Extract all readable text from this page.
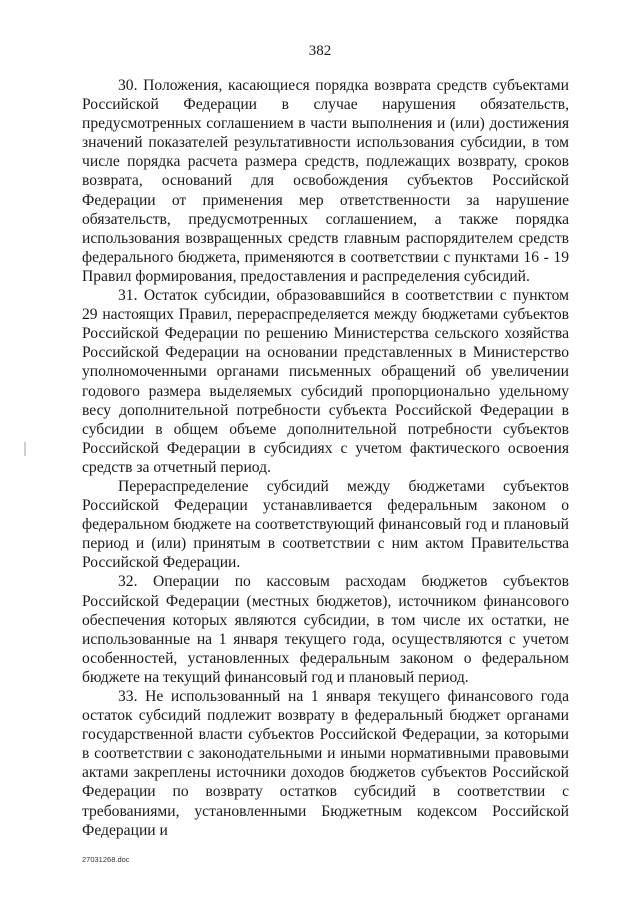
382

30. Положения, касающиеся порядка возврата средств субъектами Российской Федерации в случае нарушения обязательств, предусмотренных соглашением в части выполнения и (или) достижения значений показателей результативности использования субсидии, в том числе порядка расчета размера средств, подлежащих возврату, сроков возврата, оснований для освобождения субъектов Российской Федерации от применения мер ответственности за нарушение обязательств, предусмотренных соглашением, а также порядка использования возвращенных средств главным распорядителем средств федерального бюджета, применяются в соответствии с пунктами 16 - 19 Правил формирования, предоставления и распределения субсидий.

31. Остаток субсидии, образовавшийся в соответствии с пунктом 29 настоящих Правил, перераспределяется между бюджетами субъектов Российской Федерации по решению Министерства сельского хозяйства Российской Федерации на основании представленных в Министерство уполномоченными органами письменных обращений об увеличении годового размера выделяемых субсидий пропорционально удельному весу дополнительной потребности субъекта Российской Федерации в субсидии в общем объеме дополнительной потребности субъектов Российской Федерации в субсидиях с учетом фактического освоения средств за отчетный период.

Перераспределение субсидий между бюджетами субъектов Российской Федерации устанавливается федеральным законом о федеральном бюджете на соответствующий финансовый год и плановый период и (или) принятым в соответствии с ним актом Правительства Российской Федерации.

32. Операции по кассовым расходам бюджетов субъектов Российской Федерации (местных бюджетов), источником финансового обеспечения которых являются субсидии, в том числе их остатки, не использованные на 1 января текущего года, осуществляются с учетом особенностей, установленных федеральным законом о федеральном бюджете на текущий финансовый год и плановый период.

33. Не использованный на 1 января текущего финансового года остаток субсидий подлежит возврату в федеральный бюджет органами государственной власти субъектов Российской Федерации, за которыми в соответствии с законодательными и иными нормативными правовыми актами закреплены источники доходов бюджетов субъектов Российской Федерации по возврату остатков субсидий в соответствии с требованиями, установленными Бюджетным кодексом Российской Федерации и

27031268.doc
